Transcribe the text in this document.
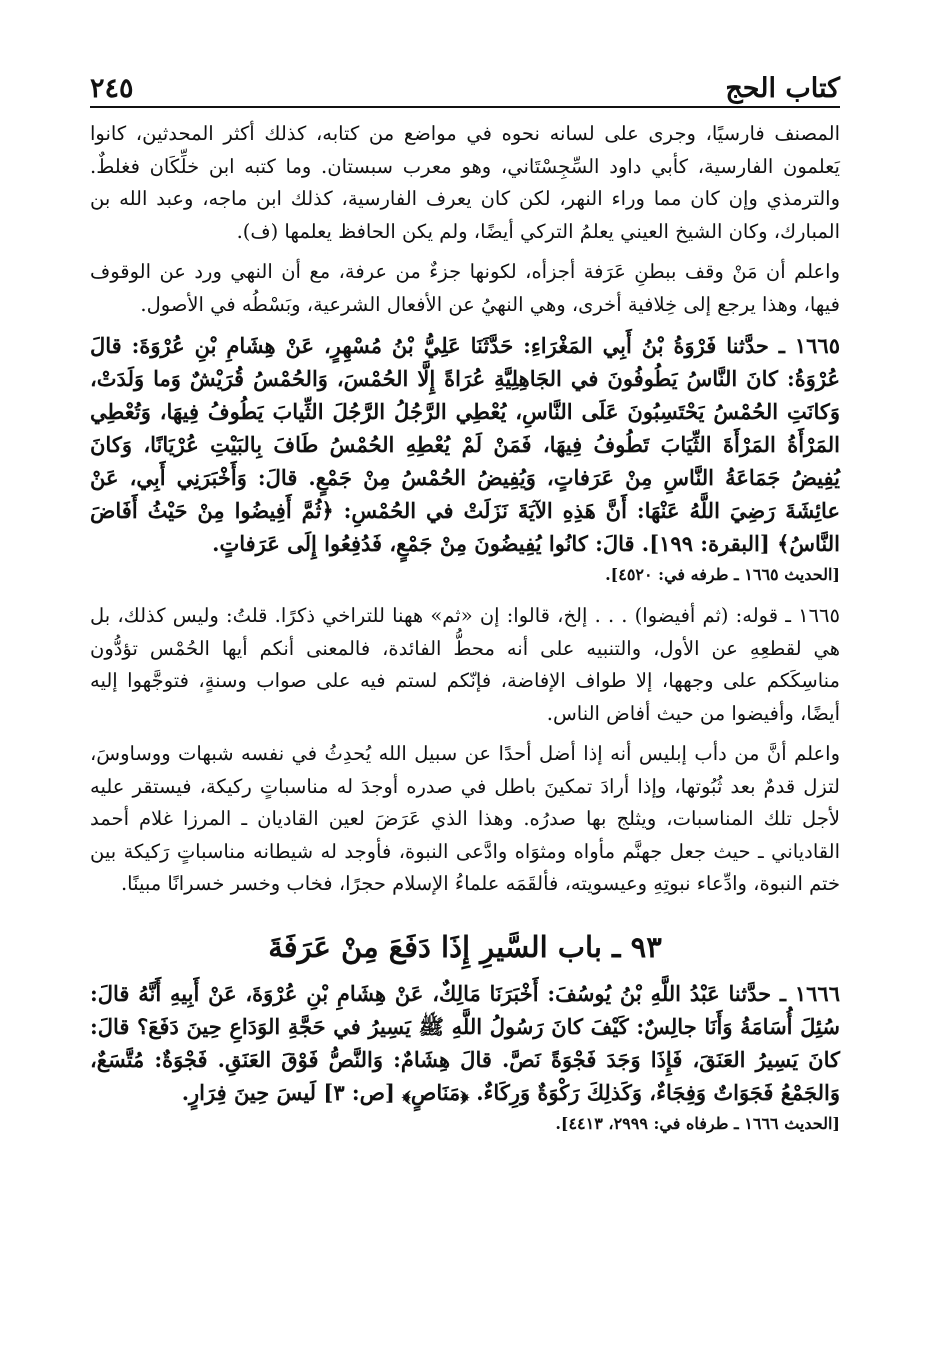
كتاب الحج
٢٤٥

المصنف فارسيًا، وجرى على لسانه نحوه في مواضع من كتابه، كذلك أكثر المحدثين، كانوا يَعلمون الفارسية، كأبي داود السِّجِسْتَاني، وهو معرب سبستان. وما كتبه ابن خلِّكَان فغلطٌ. والترمذي وإن كان مما وراء النهر، لكن كان يعرف الفارسية، كذلك ابن ماجه، وعبد الله بن المبارك، وكان الشيخ العيني يعلمُ التركي أيضًا، ولم يكن الحافظ يعلمها (ف).

واعلم أن مَنْ وقف ببطنِ عَرَفة أجزأه، لكونها جزءٌ من عرفة، مع أن النهي ورد عن الوقوف فيها، وهذا يرجع إلى خِلافية أخرى، وهي النهيُ عن الأفعال الشرعية، وبَسْطُه في الأصول.

١٦٦٥ ـ حدَّثنا فَرْوَةُ بْنُ أَبِي المَغْرَاءِ: حَدَّثَنَا عَلِيُّ بْنُ مُسْهِرٍ، عَنْ هِشَامِ بْنِ عُرْوَةَ: قالَ عُرْوَةُ: كانَ النَّاسُ يَطُوفُونَ في الجَاهِلِيَّةِ عُرَاةً إِلَّا الحُمْسَ، وَالحُمْسُ قُرَيْشٌ وَما وَلَدَتْ، وَكانَتِ الحُمْسُ يَحْتَسِبُونَ عَلَى النَّاسِ، يُعْطِي الرَّجُلُ الرَّجُلَ الثِّيابَ يَطُوفُ فِيهَا، وَتُعْطِي المَرْأَةُ المَرْأَةَ الثِّيَابَ تَطُوفُ فِيهَا، فَمَنْ لَمْ يُعْطِهِ الحُمْسُ طَافَ بِالبَيْتِ عُرْيَانًا، وَكانَ يُفِيضُ جَمَاعَةُ النَّاسِ مِنْ عَرَفاتٍ، وَيُفِيضُ الحُمْسُ مِنْ جَمْعٍ. قالَ: وَأَخْبَرَنِي أَبِي، عَنْ عائِشَةَ رَضِيَ اللَّهُ عَنْهَا: أَنَّ هَذِهِ الآيَةَ نَزَلَتْ في الحُمْسِ: ﴿ثُمَّ أَفِيضُوا مِنْ حَيْثُ أَفَاضَ النَّاسُ﴾ [البقرة: ١٩٩]. قالَ: كانُوا يُفِيضُونَ مِنْ جَمْعٍ، فَدُفِعُوا إِلَى عَرَفاتٍ.

[الحديث ١٦٦٥ ـ طرفه في: ٤٥٢٠].

١٦٦٥ ـ قوله: (ثم أفيضوا) . . . إلخ، قالوا: إن «ثم» ههنا للتراخي ذكرًا. قلتُ: وليس كذلك، بل هي لقطعِهِ عن الأول، والتنبيه على أنه محطُّ الفائدة، فالمعنى أنكم أيها الحُمْس تؤدُّون مناسِكَكم على وجهها، إلا طواف الإفاضة، فإنّكم لستم فيه على صواب وسنةٍ، فتوجَّهوا إليه أيضًا، وأفيضوا من حيث أفاض الناس.

واعلم أنَّ من دأب إبليس أنه إذا أضل أحدًا عن سبيل الله يُحدِثُ في نفسه شبهات ووساوسَ، لتزل قدمٌ بعد ثُبُوتها، وإذا أرادَ تمكينَ باطل في صدره أوجدَ له مناسباتٍ ركيكة، فيستقر عليه لأجل تلك المناسبات، ويثلج بها صدرُه. وهذا الذي عَرَضَ لعين القاديان ـ المرزا غلام أحمد القادياني ـ حيث جعل جهنَّم مأواه ومثوَاه وادَّعى النبوة، فأوجد له شيطانه مناسباتٍ رَكيكة بين ختم النبوة، وادِّعاء نبوتِهِ وعيسويته، فألقَمَه علماءُ الإسلام حجرًا، فخاب وخسر خسرانًا مبينًا.

٩٣ ـ باب السَّيرِ إِذَا دَفَعَ مِنْ عَرَفَةَ

١٦٦٦ ـ حدَّثنا عَبْدُ اللَّهِ بْنُ يُوسُفَ: أَخْبَرَنَا مَالِكٌ، عَنْ هِشَامِ بْنِ عُرْوَةَ، عَنْ أَبِيهِ أَنَّهُ قالَ: سُئِلَ أُسَامَةُ وَأَنَا جالِسٌ: كَيْفَ كانَ رَسُولُ اللَّهِ ﷺ يَسِيرُ في حَجَّةِ الوَدَاعِ حِينَ دَفَعَ؟ قالَ: كانَ يَسِيرُ العَنَقَ، فَإِذَا وَجَدَ فَجْوَةً نَصَّ. قالَ هِشَامٌ: وَالنَّصُّ فَوْقَ العَنَقِ. فَجْوَةٌ: مُتَّسَعٌ، وَالجَمْعُ فَجَوَاتٌ وَفِجَاءٌ، وَكَذلِكَ رَكْوَةٌ وَرِكَاءٌ. ﴿مَنَاصٍ﴾ [ص: ٣] لَيسَ حِينَ فِرَارٍ.

[الحديث ١٦٦٦ ـ طرفاه في: ٢٩٩٩، ٤٤١٣].
